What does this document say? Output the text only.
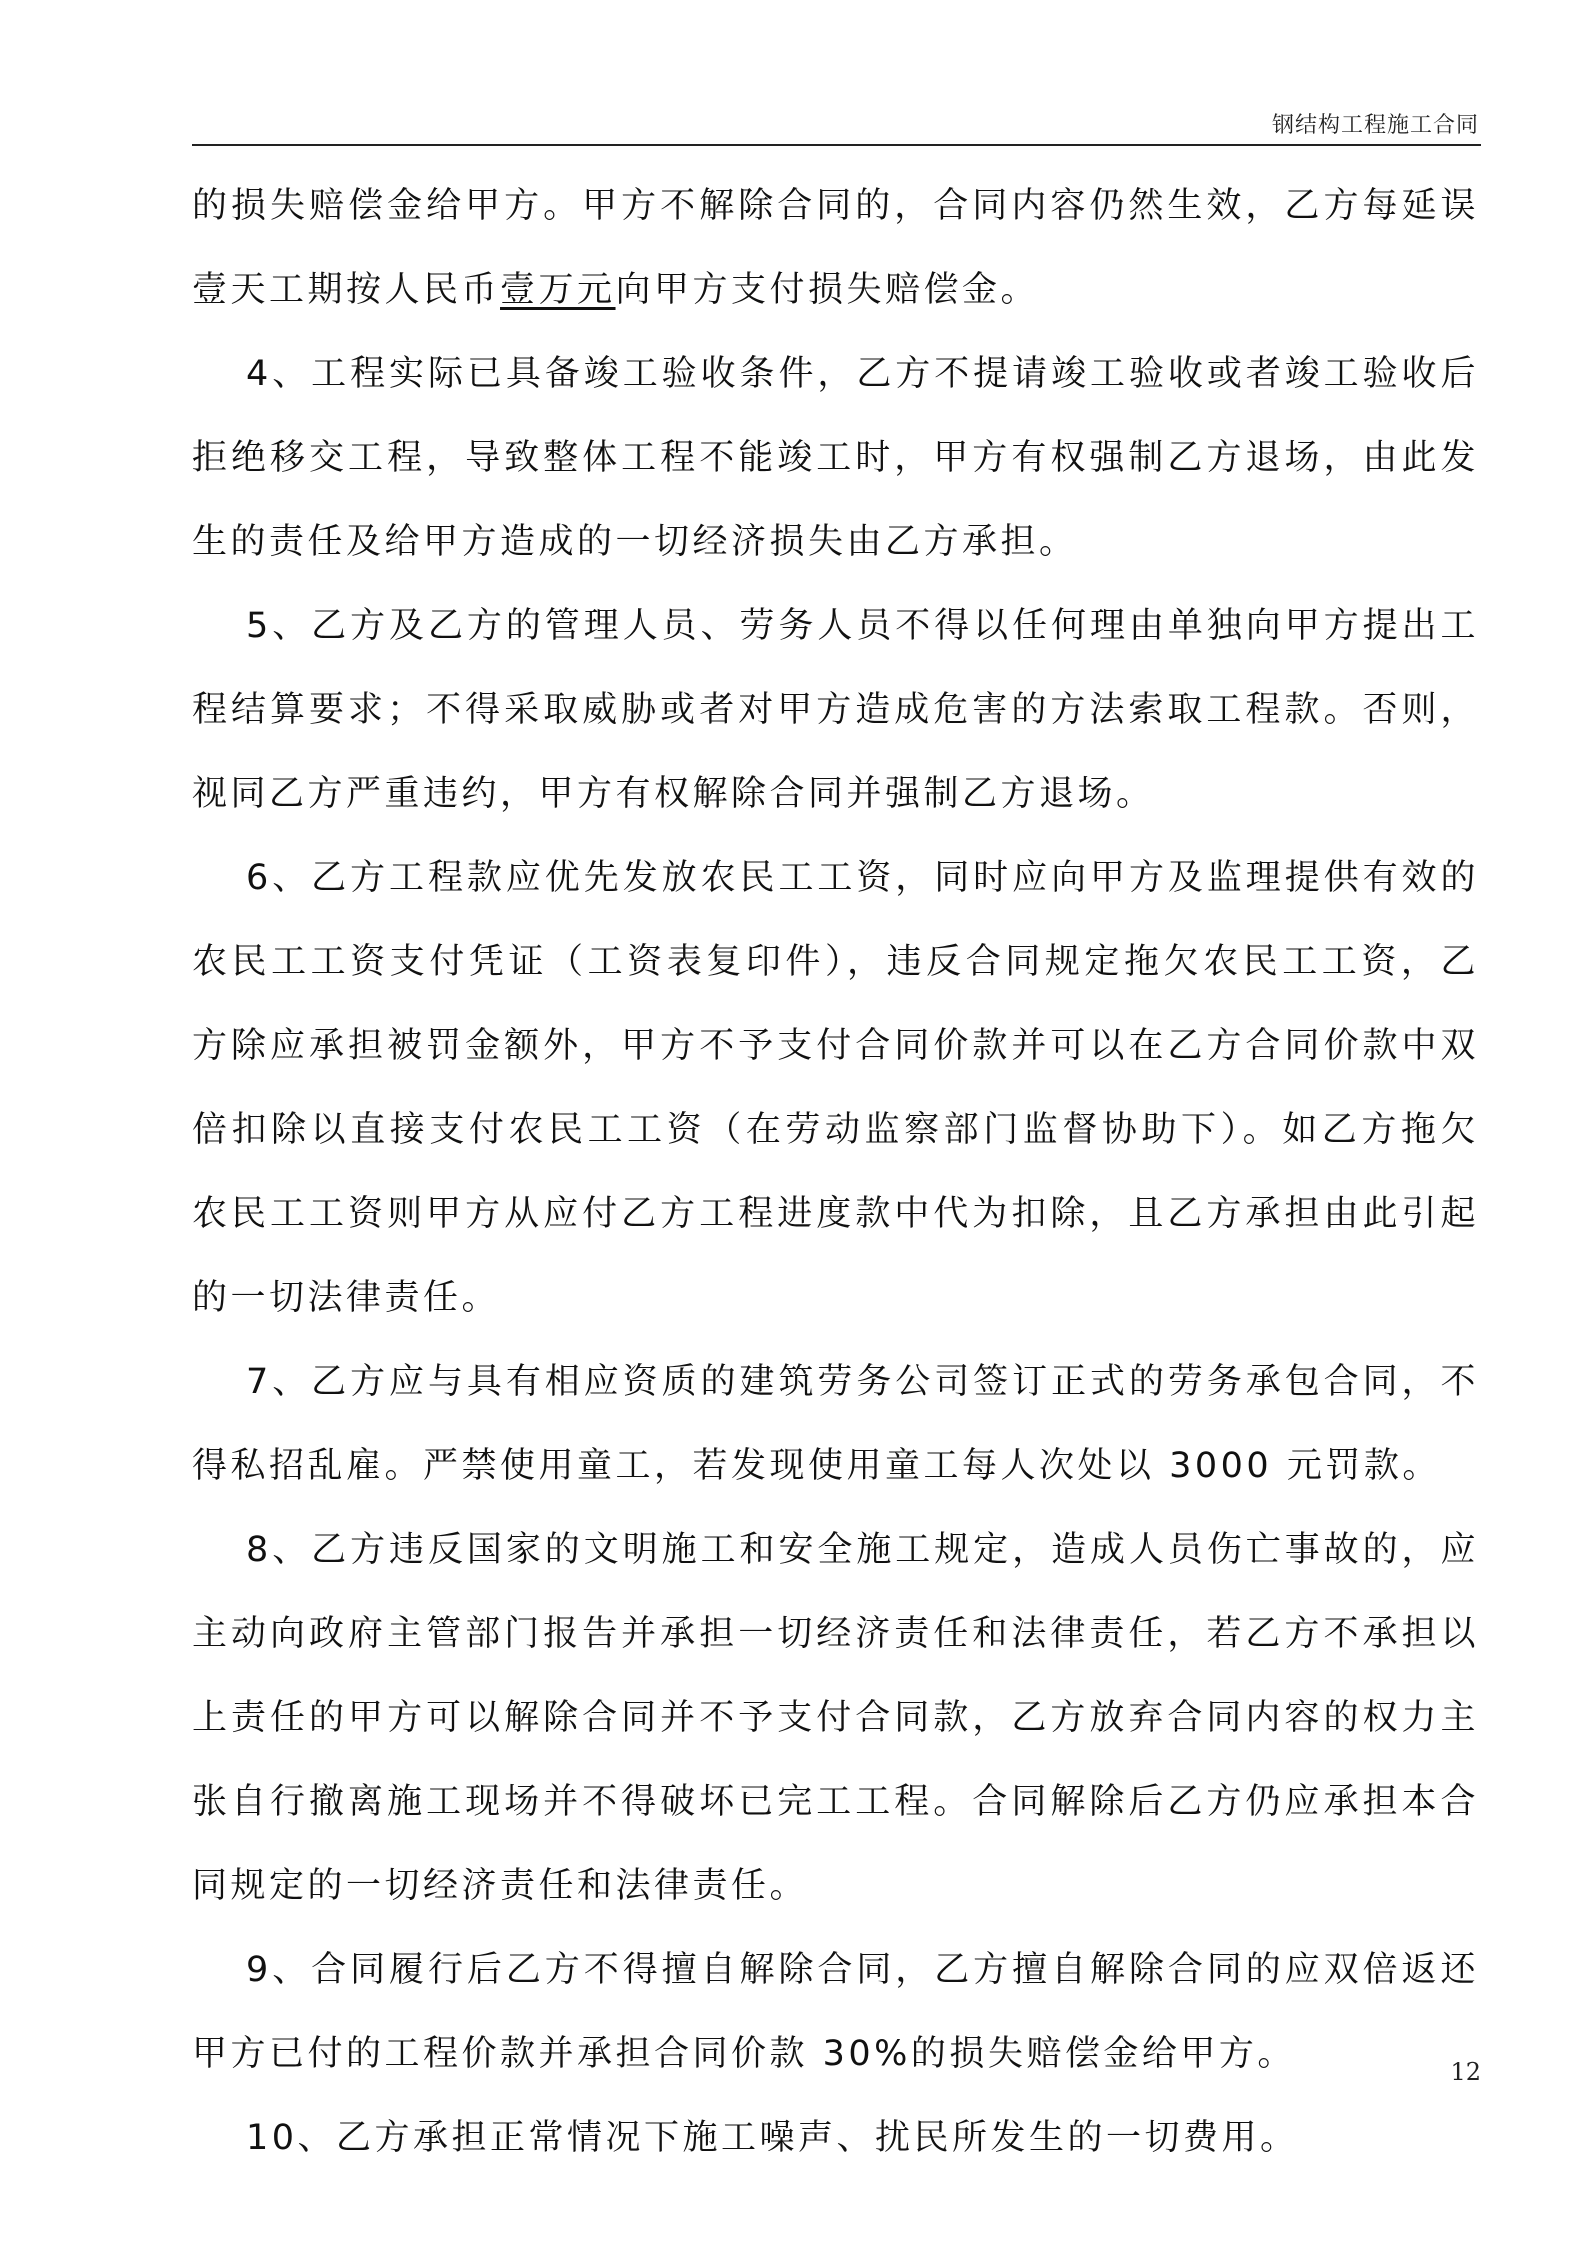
钢结构工程施工合同

的损失赔偿金给甲方。甲方不解除合同的，合同内容仍然生效，乙方每延误壹天工期按人民币壹万元向甲方支付损失赔偿金。

4、工程实际已具备竣工验收条件，乙方不提请竣工验收或者竣工验收后拒绝移交工程，导致整体工程不能竣工时，甲方有权强制乙方退场，由此发生的责任及给甲方造成的一切经济损失由乙方承担。

5、乙方及乙方的管理人员、劳务人员不得以任何理由单独向甲方提出工程结算要求；不得采取威胁或者对甲方造成危害的方法索取工程款。否则，视同乙方严重违约，甲方有权解除合同并强制乙方退场。

6、乙方工程款应优先发放农民工工资，同时应向甲方及监理提供有效的农民工工资支付凭证（工资表复印件），违反合同规定拖欠农民工工资，乙方除应承担被罚金额外，甲方不予支付合同价款并可以在乙方合同价款中双倍扣除以直接支付农民工工资（在劳动监察部门监督协助下）。如乙方拖欠农民工工资则甲方从应付乙方工程进度款中代为扣除，且乙方承担由此引起的一切法律责任。

7、乙方应与具有相应资质的建筑劳务公司签订正式的劳务承包合同，不得私招乱雇。严禁使用童工，若发现使用童工每人次处以 3000 元罚款。

8、乙方违反国家的文明施工和安全施工规定，造成人员伤亡事故的，应主动向政府主管部门报告并承担一切经济责任和法律责任，若乙方不承担以上责任的甲方可以解除合同并不予支付合同款，乙方放弃合同内容的权力主张自行撤离施工现场并不得破坏已完工工程。合同解除后乙方仍应承担本合同规定的一切经济责任和法律责任。

9、合同履行后乙方不得擅自解除合同，乙方擅自解除合同的应双倍返还甲方已付的工程价款并承担合同价款 30%的损失赔偿金给甲方。

10、乙方承担正常情况下施工噪声、扰民所发生的一切费用。

12
